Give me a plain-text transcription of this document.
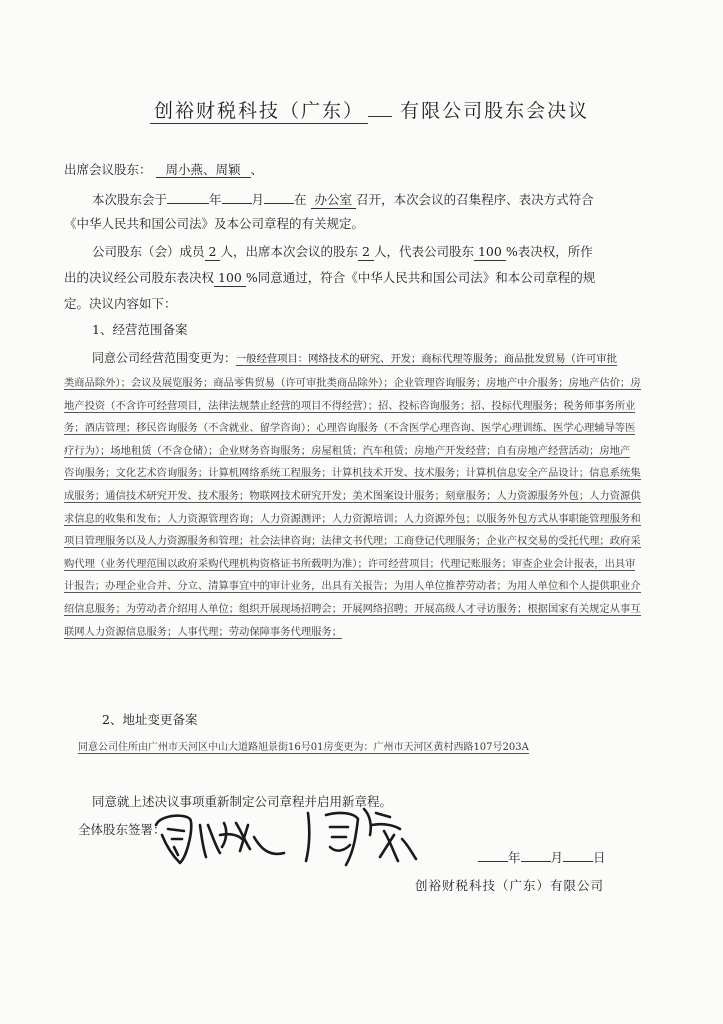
创裕财税科技（广东） 有限公司股东会决议
出席会议股东： 周小燕、周颖 、
本次股东会于	年 月 在 办公室 召开，本次会议的召集程序、表决方式符合
《中华人民共和国公司法》及本公司章程的有关规定。
公司股东（会）成员 2 人，出席本次会议的股东 2 人，代表公司股东 100 %表决权，所作
出的决议经公司股东表决权 100 %同意通过，符合《中华人民共和国公司法》和本公司章程的规
定。决议内容如下：
1、经营范围备案
同意公司经营范围变更为：一般经营项目：网络技术的研究、开发；商标代理等服务；商品批发贸易（许可审批
类商品除外）；会议及展览服务；商品零售贸易（许可审批类商品除外）；企业管理咨询服务；房地产中介服务；房地产估价；房
地产投资（不含许可经营项目，法律法规禁止经营的项目不得经营）；招、投标咨询服务；招、投标代理服务；税务师事务所业
务；酒店管理；移民咨询服务（不含就业、留学咨询）；心理咨询服务（不含医学心理咨询、医学心理训练、医学心理辅导等医
疗行为）；场地租赁（不含仓储）；企业财务咨询服务；房屋租赁；汽车租赁；房地产开发经营；自有房地产经营活动；房地产
咨询服务；文化艺术咨询服务；计算机网络系统工程服务；计算机技术开发、技术服务；计算机信息安全产品设计；信息系统集
成服务；通信技术研究开发、技术服务；物联网技术研究开发；美术图案设计服务；刻章服务；人力资源服务外包；人力资源供
求信息的收集和发布；人力资源管理咨询；人力资源测评；人力资源培训；人力资源外包；以服务外包方式从事职能管理服务和
项目管理服务以及人力资源服务和管理；社会法律咨询；法律文书代理；工商登记代理服务；企业产权交易的受托代理；政府采
购代理（业务代理范围以政府采购代理机构资格证书所载明为准）；许可经营项目；代理记账服务；审查企业会计报表，出具审
计报告；办理企业合并、分立、清算事宜中的审计业务，出具有关报告；为用人单位推荐劳动者；为用人单位和个人提供职业介
绍信息服务；为劳动者介绍用人单位；组织开展现场招聘会；开展网络招聘；开展高级人才寻访服务；根据国家有关规定从事互
联网人力资源信息服务；人事代理；劳动保障事务代理服务；
2、地址变更备案
同意公司住所由广州市天河区中山大道路旭景街16号01房变更为：广州市天河区黄村西路107号203A
同意就上述决议事项重新制定公司章程并启用新章程。
全体股东签署：
年 月 日
创裕财税科技（广东）有限公司
